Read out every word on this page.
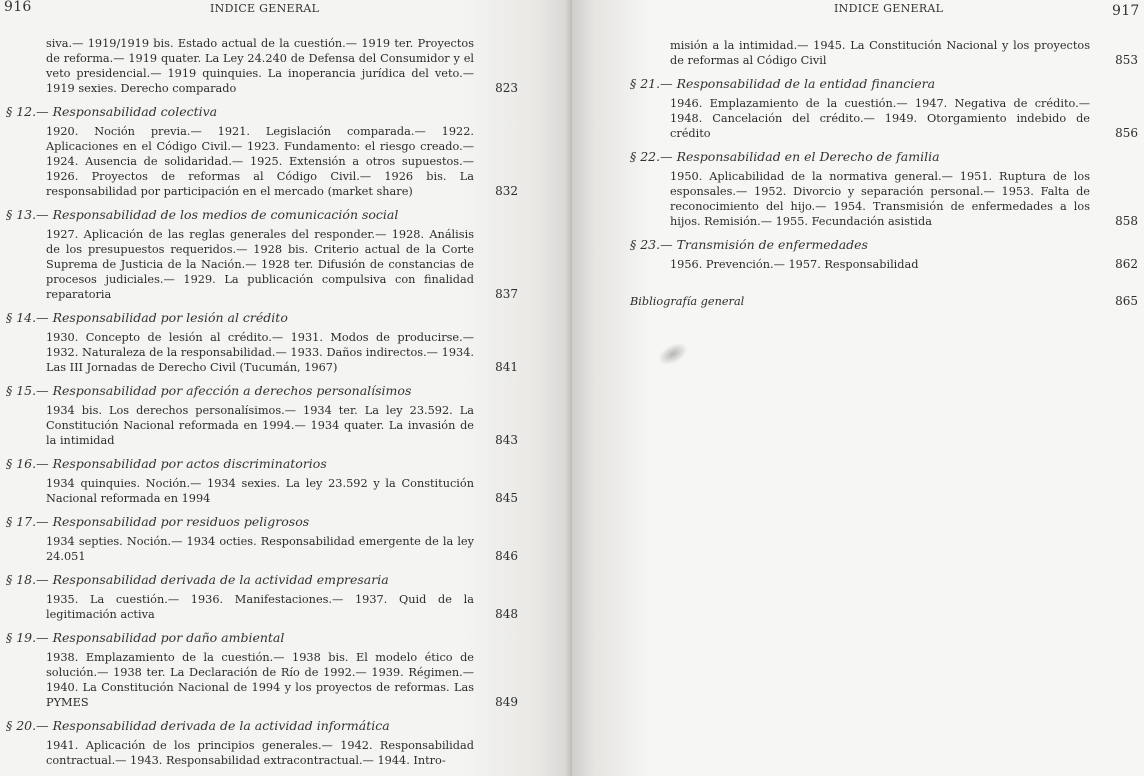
916	INDICE GENERAL
siva.— 1919/1919 bis. Estado actual de la cuestión.— 1919 ter. Proyectos de reforma.— 1919 quater. La Ley 24.240 de Defensa del Consumidor y el veto presidencial.— 1919 quinquies. La inoperancia jurídica del veto.— 1919 sexies. Derecho comparado	823
§ 12.— Responsabilidad colectiva
1920. Noción previa.— 1921. Legislación comparada.— 1922. Aplicaciones en el Código Civil.— 1923. Fundamento: el riesgo creado.— 1924. Ausencia de solidaridad.— 1925. Extensión a otros supuestos.— 1926. Proyectos de reformas al Código Civil.— 1926 bis. La responsabilidad por participación en el mercado (market share)	832
§ 13.— Responsabilidad de los medios de comunicación social
1927. Aplicación de las reglas generales del responder.— 1928. Análisis de los presupuestos requeridos.— 1928 bis. Criterio actual de la Corte Suprema de Justicia de la Nación.— 1928 ter. Difusión de constancias de procesos judiciales.— 1929. La publicación compulsiva con finalidad reparatoria	837
§ 14.— Responsabilidad por lesión al crédito
1930. Concepto de lesión al crédito.— 1931. Modos de producirse.— 1932. Naturaleza de la responsabilidad.— 1933. Daños indirectos.— 1934. Las III Jornadas de Derecho Civil (Tucumán, 1967)	841
§ 15.— Responsabilidad por afección a derechos personalísimos
1934 bis. Los derechos personalísimos.— 1934 ter. La ley 23.592. La Constitución Nacional reformada en 1994.— 1934 quater. La invasión de la intimidad	843
§ 16.— Responsabilidad por actos discriminatorios
1934 quinquies. Noción.— 1934 sexies. La ley 23.592 y la Constitución Nacional reformada en 1994	845
§ 17.— Responsabilidad por residuos peligrosos
1934 septies. Noción.— 1934 octies. Responsabilidad emergente de la ley 24.051	846
§ 18.— Responsabilidad derivada de la actividad empresaria
1935. La cuestión.— 1936. Manifestaciones.— 1937. Quid de la legitimación activa	848
§ 19.— Responsabilidad por daño ambiental
1938. Emplazamiento de la cuestión.— 1938 bis. El modelo ético de solución.— 1938 ter. La Declaración de Río de 1992.— 1939. Régimen.— 1940. La Constitución Nacional de 1994 y los proyectos de reformas. Las PYMES	849
§ 20.— Responsabilidad derivada de la actividad informática
1941. Aplicación de los principios generales.— 1942. Responsabilidad contractual.— 1943. Responsabilidad extracontractual.— 1944. Intro-
INDICE GENERAL	917
misión a la intimidad.— 1945. La Constitución Nacional y los proyectos de reformas al Código Civil	853
§ 21.— Responsabilidad de la entidad financiera
1946. Emplazamiento de la cuestión.— 1947. Negativa de crédito.— 1948. Cancelación del crédito.— 1949. Otorgamiento indebido de crédito	856
§ 22.— Responsabilidad en el Derecho de familia
1950. Aplicabilidad de la normativa general.— 1951. Ruptura de los esponsales.— 1952. Divorcio y separación personal.— 1953. Falta de reconocimiento del hijo.— 1954. Transmisión de enfermedades a los hijos. Remisión.— 1955. Fecundación asistida	858
§ 23.— Transmisión de enfermedades
1956. Prevención.— 1957. Responsabilidad	862
Bibliografía general	865
